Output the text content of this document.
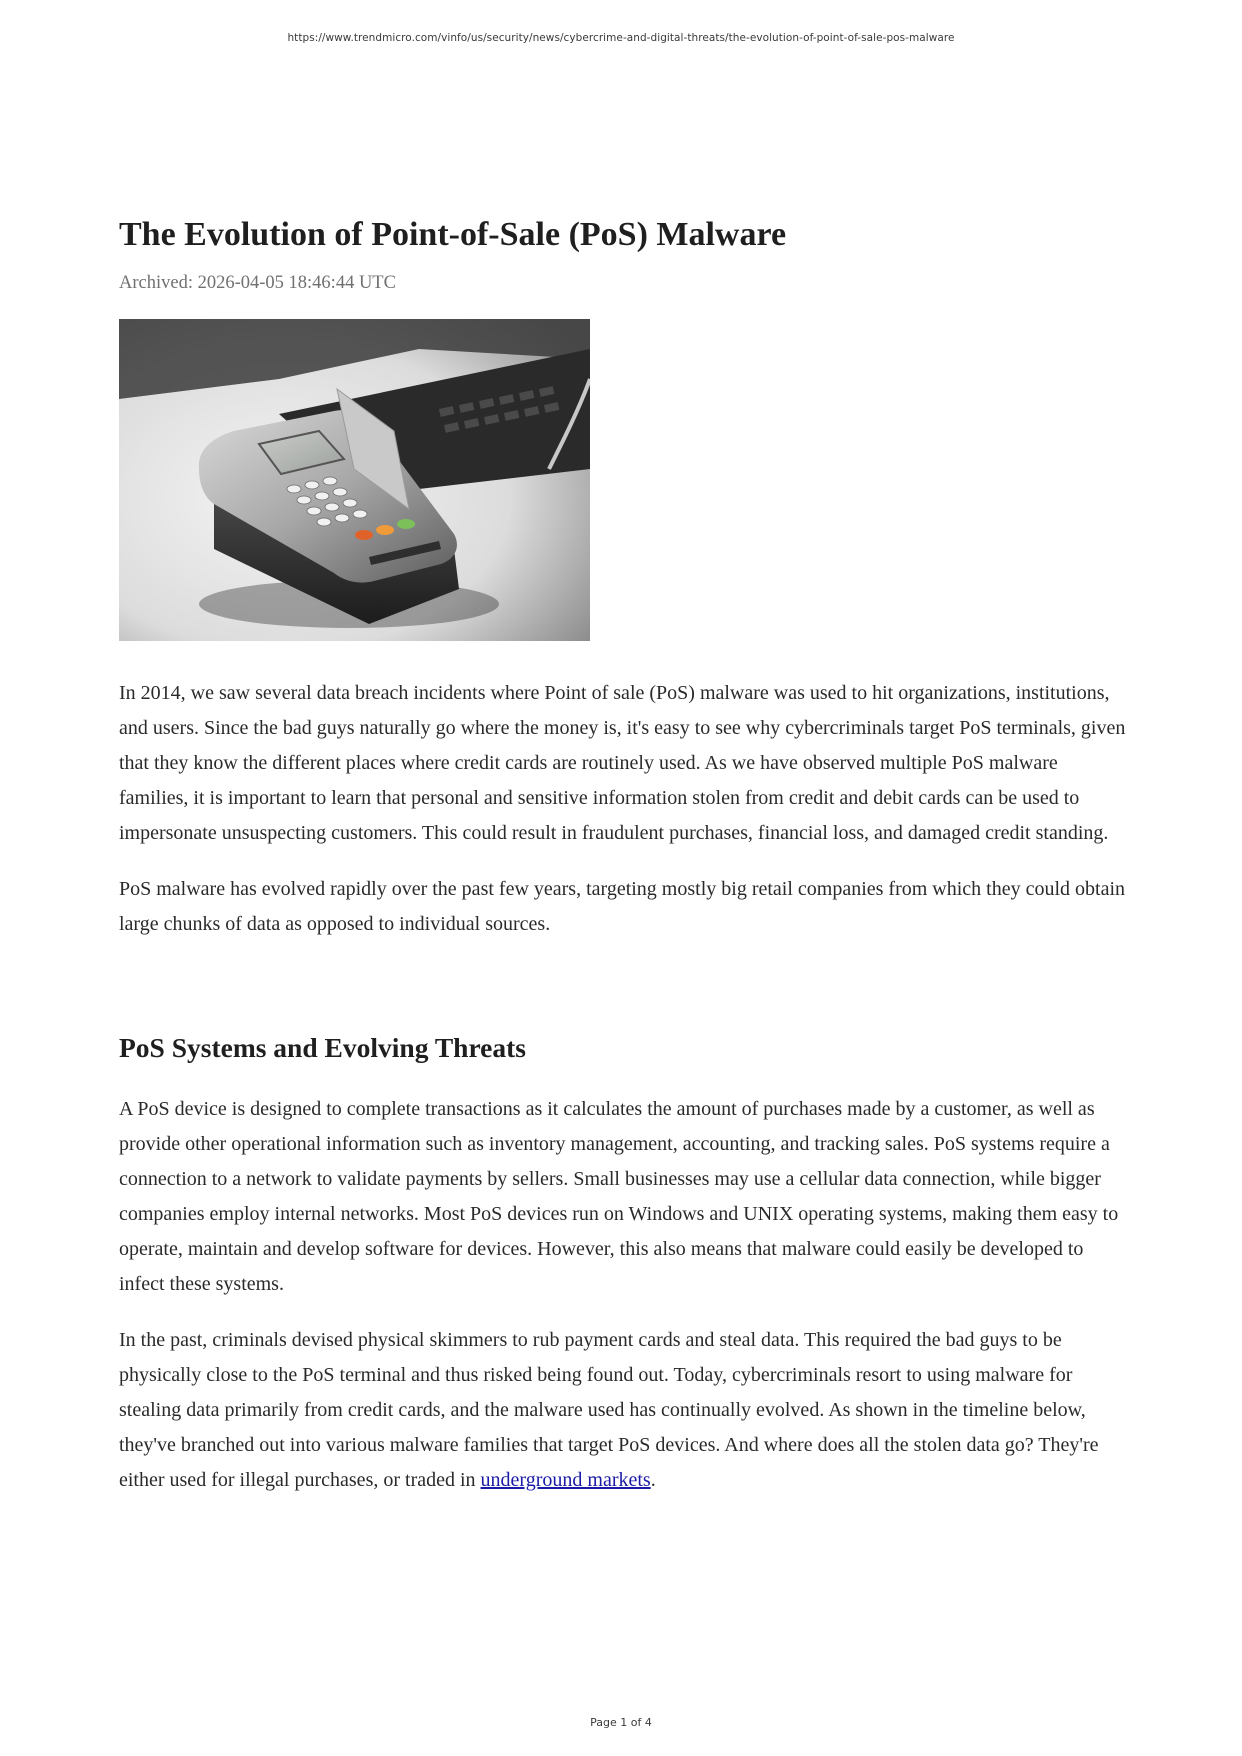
https://www.trendmicro.com/vinfo/us/security/news/cybercrime-and-digital-threats/the-evolution-of-point-of-sale-pos-malware
The Evolution of Point-of-Sale (PoS) Malware
Archived: 2026-04-05 18:46:44 UTC

In 2014, we saw several data breach incidents where Point of sale (PoS) malware was used to hit organizations, institutions, and users. Since the bad guys naturally go where the money is, it's easy to see why cybercriminals target PoS terminals, given that they know the different places where credit cards are routinely used. As we have observed multiple PoS malware families, it is important to learn that personal and sensitive information stolen from credit and debit cards can be used to impersonate unsuspecting customers. This could result in fraudulent purchases, financial loss, and damaged credit standing.

PoS malware has evolved rapidly over the past few years, targeting mostly big retail companies from which they could obtain large chunks of data as opposed to individual sources.

PoS Systems and Evolving Threats

A PoS device is designed to complete transactions as it calculates the amount of purchases made by a customer, as well as provide other operational information such as inventory management, accounting, and tracking sales. PoS systems require a connection to a network to validate payments by sellers. Small businesses may use a cellular data connection, while bigger companies employ internal networks. Most PoS devices run on Windows and UNIX operating systems, making them easy to operate, maintain and develop software for devices. However, this also means that malware could easily be developed to infect these systems.

In the past, criminals devised physical skimmers to rub payment cards and steal data. This required the bad guys to be physically close to the PoS terminal and thus risked being found out. Today, cybercriminals resort to using malware for stealing data primarily from credit cards, and the malware used has continually evolved. As shown in the timeline below, they've branched out into various malware families that target PoS devices. And where does all the stolen data go? They're either used for illegal purchases, or traded in underground markets.

Page 1 of 4
